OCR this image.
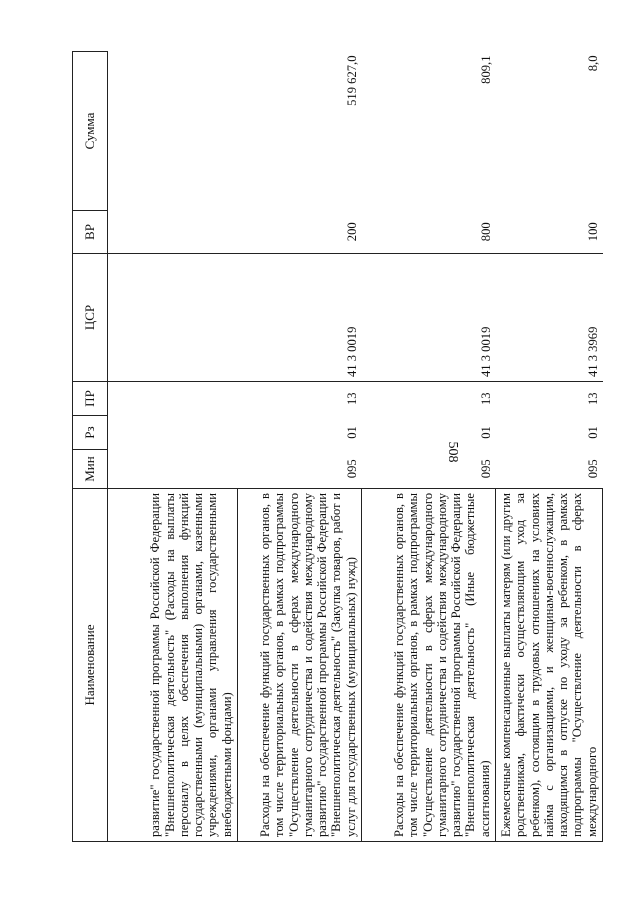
508
Наименование	Мин	Рз	ПР	ЦСР	ВР	Сумма
развитие" государственной программы Российской Федерации "Внешнеполитическая деятельность" (Расходы на выплаты персоналу в целях обеспечения выполнения функций государственными (муниципальными) органами, казенными учреждениями, органами управления государственными внебюджетными фондами)						
Расходы на обеспечение функций государственных органов, в том числе территориальных органов, в рамках подпрограммы "Осуществление деятельности в сферах международного гуманитарного сотрудничества и содействия международному развитию" государственной программы Российской Федерации "Внешнеполитическая деятельность" (Закупка товаров, работ и услуг для государственных (муниципальных) нужд)	095	01	13	41 3 0019	200	519 627,0
Расходы на обеспечение функций государственных органов, в том числе территориальных органов, в рамках подпрограммы "Осуществление деятельности в сферах международного гуманитарного сотрудничества и содействия международному развитию" государственной программы Российской Федерации "Внешнеполитическая деятельность" (Иные бюджетные ассигнования)	095	01	13	41 3 0019	800	809,1
Ежемесячные компенсационные выплаты матерям (или другим родственникам, фактически осуществляющим уход за ребенком), состоящим в трудовых отношениях на условиях найма с организациями, и женщинам-военнослужащим, находящимся в отпуске по уходу за ребенком, в рамках подпрограммы "Осуществление деятельности в сферах международного	095	01	13	41 3 3969	100	8,0
